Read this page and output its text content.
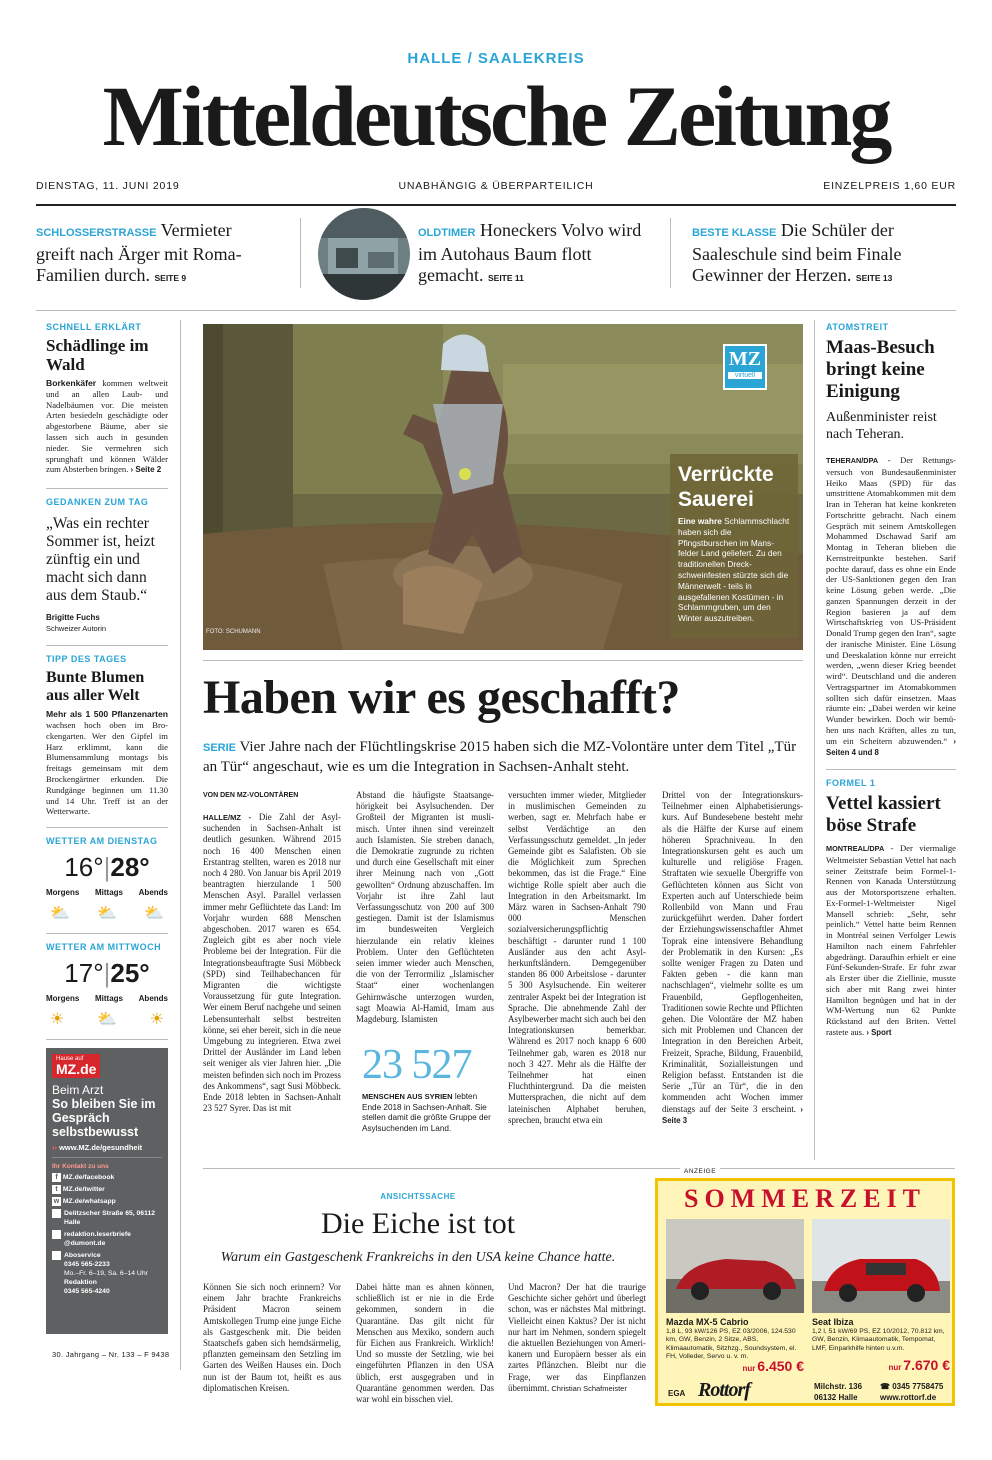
HALLE / SAALEKREIS
Mitteldeutsche Zeitung
DIENSTAG, 11. JUNI 2019	UNABHÄNGIG & ÜBERPARTEILICH	EINZELPREIS 1,60 EUR
SCHLOSSERSTRASSE Vermieter greift nach Ärger mit Roma-Familien durch. SEITE 9
OLDTIMER Honeckers Volvo wird im Autohaus Baum flott gemacht. SEITE 11
BESTE KLASSE Die Schüler der Saaleschule sind beim Finale Gewinner der Herzen. SEITE 13
SCHNELL ERKLÄRT
Schädlinge im Wald
Borkenkäfer kommen weltweit und an allen Laub- und Nadelbäumen vor. Die meisten Arten besiedeln geschädigte oder abgestorbene Bäume, aber sie lassen sich auch in gesunden nieder. Sie vermehren sich sprunghaft und können Wälder zum Absterben bringen. › Seite 2
GEDANKEN ZUM TAG
„Was ein rechter Sommer ist, heizt zünftig ein und macht sich dann aus dem Staub.“
Brigitte Fuchs
Schweizer Autorin
TIPP DES TAGES
Bunte Blumen aus aller Welt
Mehr als 1 500 Pflanzenarten wachsen hoch oben im Brockengarten. Wer den Gipfel im Harz erklimmt, kann die Blumensammlung montags bis freitags gemeinsam mit dem Brockengärtner erkunden. Die Rundgänge beginnen um 11.30 und 14 Uhr. Treff ist an der Wetterwarte.
WETTER AM DIENSTAG
16°|28°
Morgens Mittags Abends
⛅ ⛅ ⛅
WETTER AM MITTWOCH
17°|25°
Morgens Mittags Abends
☀ ⛅ ☀
Hause auf
MZ.de
Beim Arzt
So bleiben Sie im Gespräch selbstbewusst
›› www.MZ.de/gesundheit
Ihr Kontakt zu uns
f MZ.de/facebook
t MZ.de/twitter
w MZ.de/whatsapp
Delitzscher Straße 65, 06112 Halle
redaktion.leserbriefe @dumont.de
Aboservice
0345 565-2233
Mo.–Fr. 6–19, Sa. 6–14 Uhr
Redaktion
0345 565-4240
30. Jahrgang – Nr. 133 – F 9438
MZ
virtuell
FOTO: SCHUMANN
Verrückte Sauerei
Eine wahre Schlammschlacht haben sich die Pfingstburschen im Mansfelder Land geliefert. Zu den traditionellen Dreckschweinfesten stürzte sich die Männerwelt - teils in ausgefallenen Kostümen - in Schlammgruben, um den Winter auszutreiben.
Haben wir es geschafft?
SERIE Vier Jahre nach der Flüchtlingskrise 2015 haben sich die MZ-Volontäre unter dem Titel „Tür an Tür“ angeschaut, wie es um die Integration in Sachsen-Anhalt steht.
VON DEN MZ-VOLONTÄREN
HALLE/MZ - Die Zahl der Asylsuchenden in Sachsen-Anhalt ist deutlich gesunken. Während 2015 noch 16 400 Menschen einen Erstantrag stellten, waren es 2018 nur noch 4 280. Von Januar bis April 2019 beantragten hierzulande 1 500 Menschen Asyl. Parallel verlassen immer mehr Geflüchtete das Land: Im Vorjahr wurden 688 Menschen abgeschoben. 2017 waren es 654. Zugleich gibt es aber noch viele Probleme bei der Integration. Für die Integrationsbeauftragte Susi Möbbeck (SPD) sind Teilhabechancen für Migranten die wichtigste Voraussetzung für gute Integration. Wer einem Beruf nachgehe und seinen Lebensunterhalt selbst bestreiten könne, sei eher bereit, sich in die neue Umgebung zu integrieren. Etwa zwei Drittel der Ausländer im Land leben seit weniger als vier Jahren hier. „Die meisten befinden sich noch im Prozess des Ankommens“, sagt Susi Möbbeck. Ende 2018 lebten in Sachsen-Anhalt 23 527 Syrer. Das ist mit
Abstand die häufigste Staatsangehörigkeit bei Asylsuchenden. Der Großteil der Migranten ist muslimisch. Unter ihnen sind vereinzelt auch Islamisten. Sie streben danach, die Demokratie zugrunde zu richten und durch eine Gesellschaft mit einer ihrer Meinung nach von „Gott gewollten“ Ordnung abzuschaffen. Im Vorjahr ist ihre Zahl laut Verfassungsschutz von 200 auf 300 gestiegen. Damit ist der Islamismus im bundesweiten Vergleich hierzulande ein relativ kleines Problem. Unter den Geflüchteten seien immer wieder auch Menschen, die von der Terrormiliz „Islamischer Staat“ einer wochenlangen Gehirnwäsche unterzogen wurden, sagt Moawia Al-Hamid, Imam aus Magdeburg. Islamisten
23 527
MENSCHEN AUS SYRIEN lebten Ende 2018 in Sachsen-Anhalt. Sie stellen damit die größte Gruppe der Asylsuchenden im Land.
versuchten immer wieder, Mitglieder in muslimischen Gemeinden zu werben, sagt er. Mehrfach habe er selbst Verdächtige an den Verfassungsschutz gemeldet. „In jeder Gemeinde gibt es Salafisten. Ob sie die Möglichkeit zum Sprechen bekommen, das ist die Frage.“ Eine wichtige Rolle spielt aber auch die Integration in den Arbeitsmarkt. Im März waren in Sachsen-Anhalt 790 000 Menschen sozialversicherungspflichtig beschäftigt - darunter rund 1 100 Ausländer aus den acht Asylherkunftsländern. Demgegenüber standen 86 000 Arbeitslose - darunter 5 300 Asylsuchende. Ein weiterer zentraler Aspekt bei der Integration ist Sprache. Die abnehmende Zahl der Asylbewerber macht sich auch bei den Integrationskursen bemerkbar. Während es 2017 noch knapp 6 600 Teilnehmer gab, waren es 2018 nur noch 3 427. Mehr als die Hälfte der Teilnehmer hat einen Fluchthintergrund. Da die meisten Muttersprachen, die nicht auf dem lateinischen Alphabet beruhen, sprechen, braucht etwa ein
Drittel von der Integrationskurs-Teilnehmer einen Alphabetisierungskurs. Auf Bundesebene besteht mehr als die Hälfte der Kurse auf einem höheren Sprachniveau. In den Integrationskursen geht es auch um kulturelle und religiöse Fragen. Straftaten wie sexuelle Übergriffe von Geflüchteten können aus Sicht von Experten auch auf Unterschiede beim Rollenbild von Mann und Frau zurückgeführt werden. Daher fordert der Erziehungswissenschaftler Ahmet Toprak eine intensivere Behandlung der Problematik in den Kursen: „Es sollte weniger Fragen zu Daten und Fakten geben - die kann man nachschlagen“, vielmehr sollte es um Frauenbild, Gepflogenheiten, Traditionen sowie Rechte und Pflichten gehen. Die Volontäre der MZ haben sich mit Problemen und Chancen der Integration in den Bereichen Arbeit, Freizeit, Sprache, Bildung, Frauenbild, Kriminalität, Sozialleistungen und Religion befasst. Entstanden ist die Serie „Tür an Tür“, die in den kommenden acht Wochen immer dienstags auf der Seite 3 erscheint. › Seite 3
ATOMSTREIT
Maas-Besuch bringt keine Einigung
Außenminister reist nach Teheran.
TEHERAN/DPA - Der Rettungsversuch von Bundesaußenminister Heiko Maas (SPD) für das umstrittene Atomabkommen mit dem Iran in Teheran hat keine konkreten Fortschritte gebracht. Nach einem Gespräch mit seinem Amtskollegen Mohammed Dschawad Sarif am Montag in Teheran blieben die Kernstreitpunkte bestehen. Sarif pochte darauf, dass es ohne ein Ende der US-Sanktionen gegen den Iran keine Lösung geben werde. „Die ganzen Spannungen derzeit in der Region basieren ja auf dem Wirtschaftskrieg von US-Präsident Donald Trump gegen den Iran“, sagte der iranische Minister. Eine Lösung und Deeskalation könne nur erreicht werden, „wenn dieser Krieg beendet wird“. Deutschland und die anderen Vertragspartner im Atomabkommen sollten sich dafür einsetzen. Maas räumte ein: „Dabei werden wir keine Wunder bewirken. Doch wir bemühen uns nach Kräften, alles zu tun, um ein Scheitern abzuwenden.“ › Seiten 4 und 8
FORMEL 1
Vettel kassiert böse Strafe
MONTREAL/DPA - Der viermalige Weltmeister Sebastian Vettel hat nach seiner Zeitstrafe beim Formel-1-Rennen von Kanada Unterstützung aus der Motorsportszene erhalten. Ex-Formel-1-Weltmeister Nigel Mansell schrieb: „Sehr, sehr peinlich.“ Vettel hatte beim Rennen in Montréal seinen Verfolger Lewis Hamilton nach einem Fahrfehler abgedrängt. Daraufhin erhielt er eine Fünf-Sekunden-Strafe. Er fuhr zwar als Erster über die Ziellinie, musste sich aber mit Rang zwei hinter Hamilton begnügen und hat in der WM-Wertung nun 62 Punkte Rückstand auf den Briten. Vettel rastete aus. › Sport
ANSICHTSSACHE
Die Eiche ist tot
Warum ein Gastgeschenk Frankreichs in den USA keine Chance hatte.
Können Sie sich noch erinnern? Vor einem Jahr brachte Frankreichs Präsident Macron seinem Amtskollegen Trump eine junge Eiche als Gastgeschenk mit. Die beiden Staatschefs gaben sich hemdsärmelig, pflanzten gemeinsam den Setzling im Garten des Weißen Hauses ein. Doch nun ist der Baum tot, heißt es aus diplomatischen Kreisen.
Dabei hätte man es ahnen können, schließlich ist er nie in die Erde gekommen, sondern in die Quarantäne. Das gilt nicht für Menschen aus Mexiko, sondern auch für Eichen aus Frankreich. Wirklich! Und so musste der Setzling, wie bei eingeführten Pflanzen in den USA üblich, erst ausgegraben und in Quarantäne genommen werden. Das war wohl ein bisschen viel.
Und Macron? Der hat die traurige Geschichte sicher gehört und überlegt schon, was er nächstes Mal mitbringt. Vielleicht einen Kaktus? Der ist nicht nur hart im Nehmen, sondern spiegelt die aktuellen Beziehungen von Amerikanern und Europäern besser als ein zartes Pflänzchen. Bleibt nur die Frage, wer das Einpflanzen übernimmt. Christian Schafmeister
ANZEIGE
SOMMERZEIT
Mazda MX-5 Cabrio
1,8 L, 93 kW/126 PS, EZ 03/2006, 124.530 km, GW, Benzin, 2 Sitze, ABS, Klimaautomatik, Sitzhzg., Soundsystem, el. FH, Volleder, Servo u. v. m.
nur 6.450 €
Seat Ibiza
1,2 l, 51 kW/69 PS, EZ 10/2012, 70.812 km, GW, Benzin, Klimaautomatik, Tempomat, LMF, Einparkhilfe hinten u.v.m.
nur 7.670 €
EGA Rottorf	Milchstr. 136
06132 Halle
☎ 0345 7758475
www.rottorf.de
